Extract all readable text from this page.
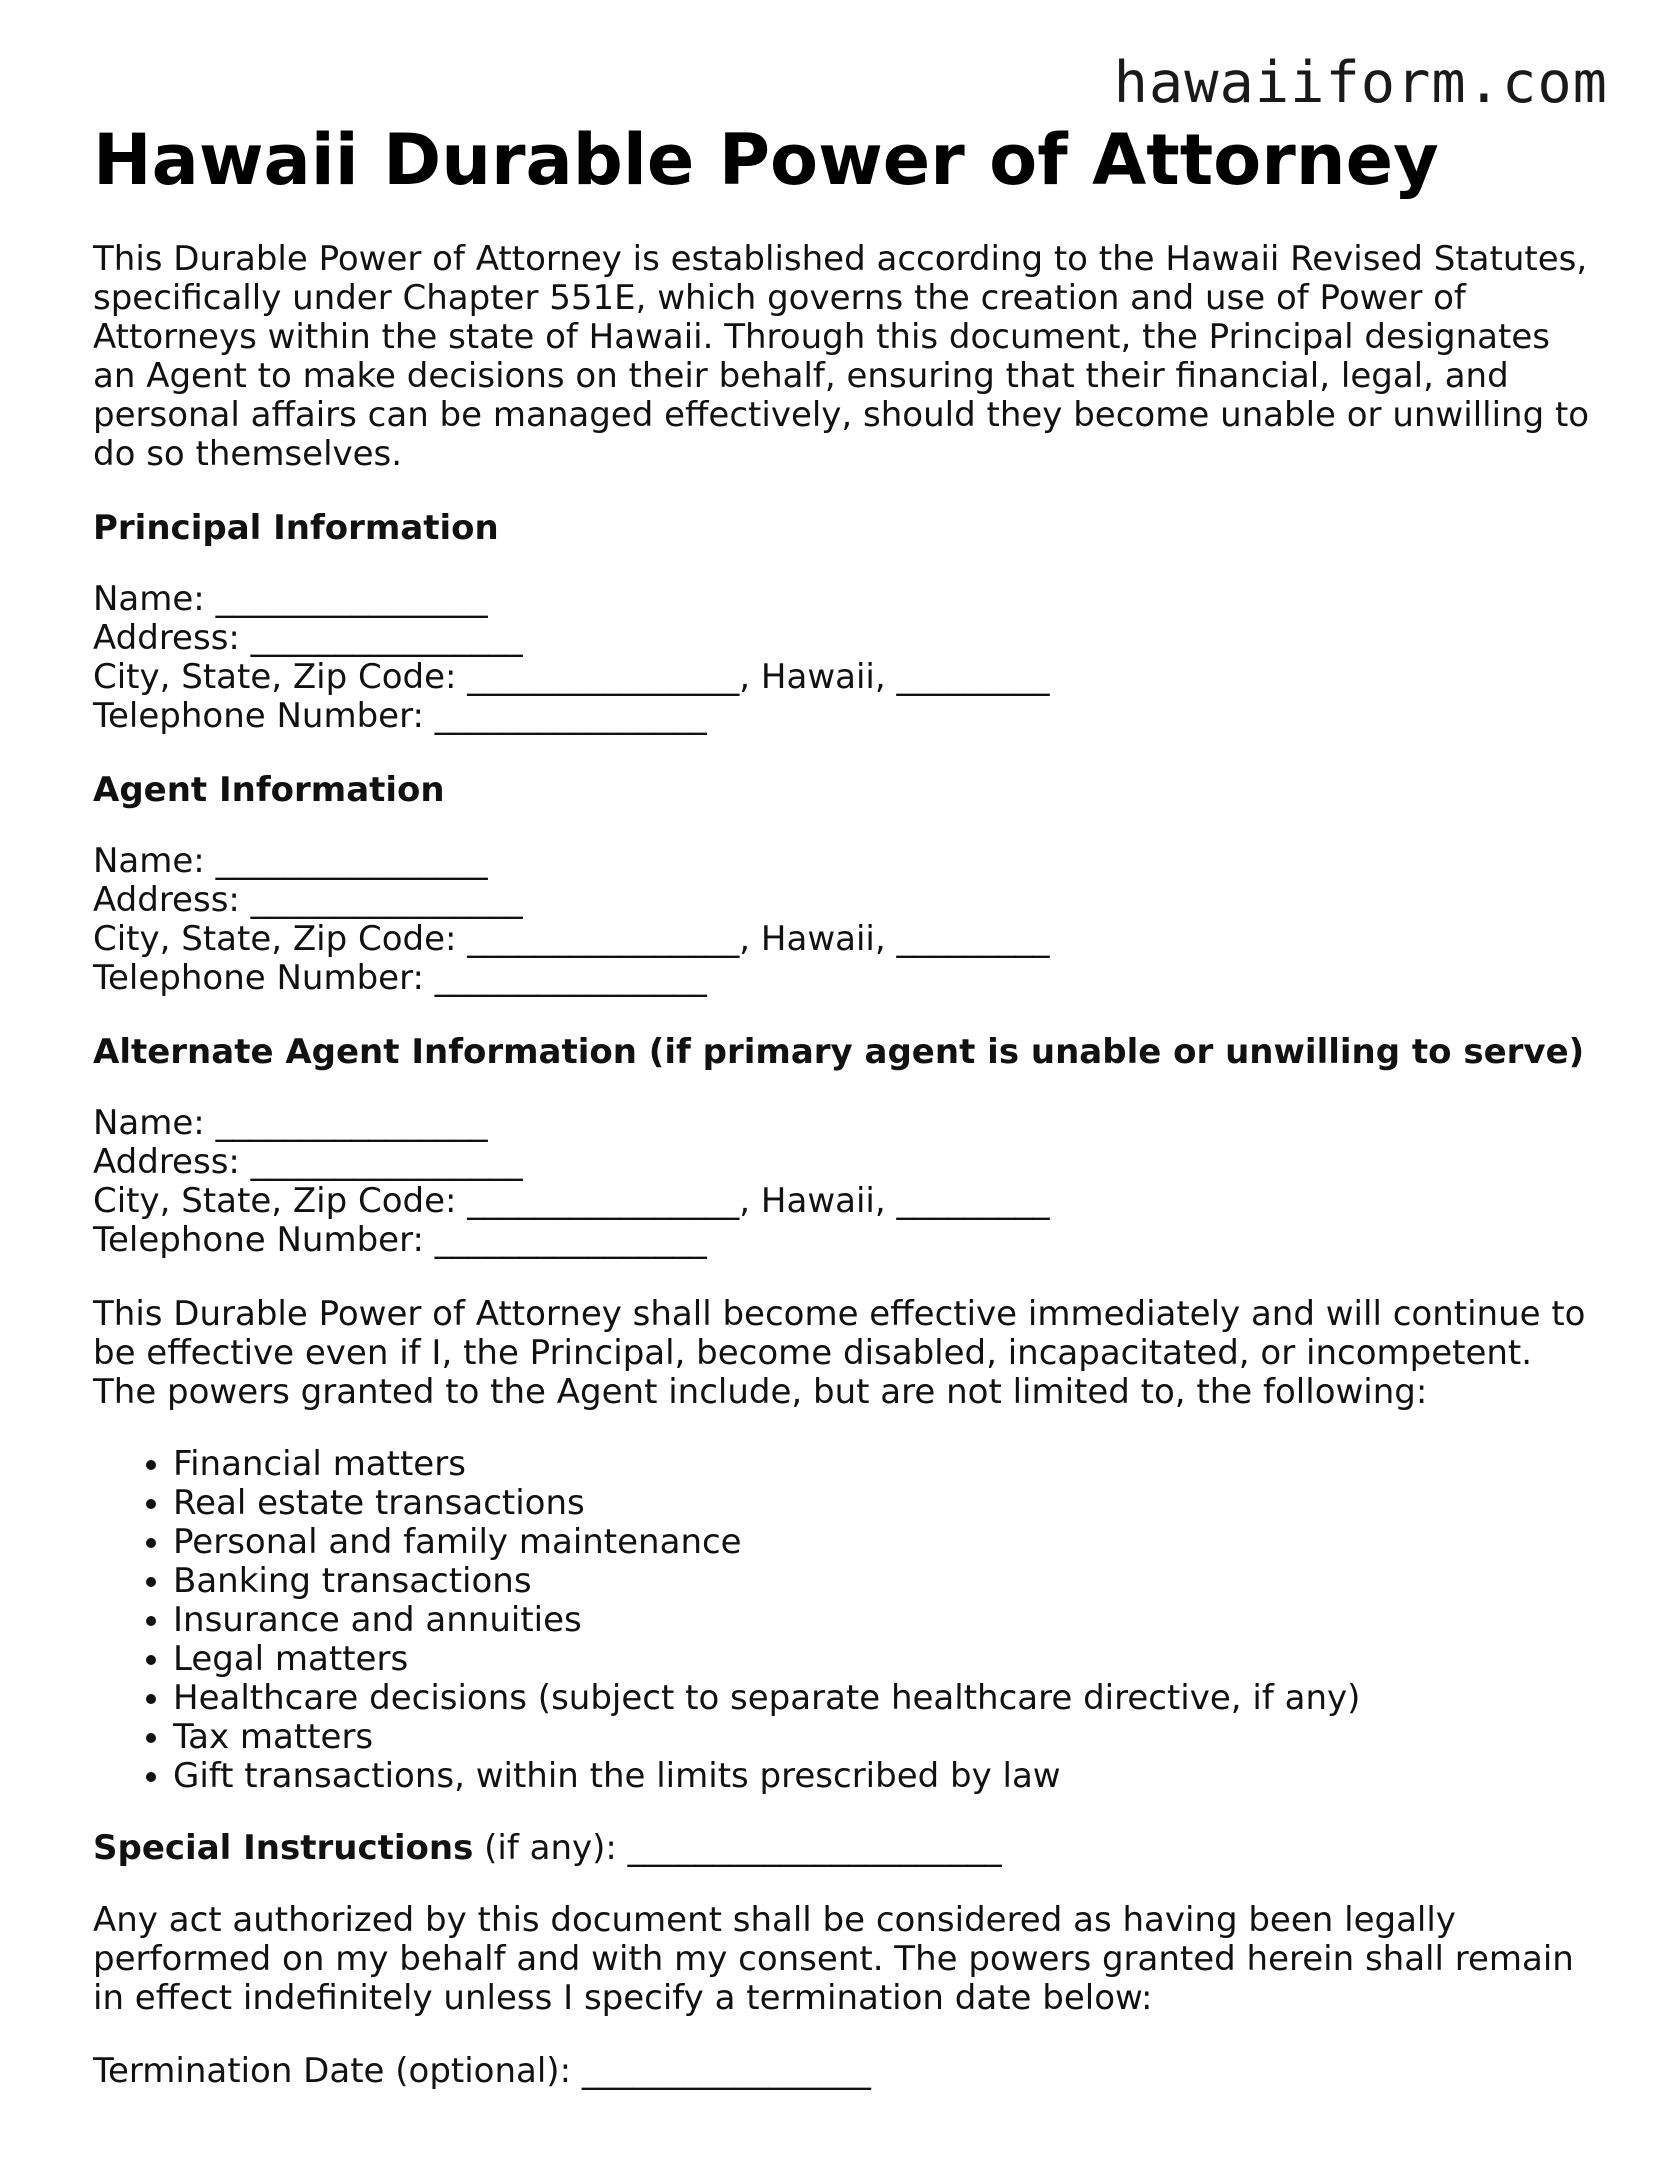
hawaiiform.com
Hawaii Durable Power of Attorney

This Durable Power of Attorney is established according to the Hawaii Revised Statutes, specifically under Chapter 551E, which governs the creation and use of Power of Attorneys within the state of Hawaii. Through this document, the Principal designates an Agent to make decisions on their behalf, ensuring that their financial, legal, and personal affairs can be managed effectively, should they become unable or unwilling to do so themselves.

Principal Information
Name: ________________
Address: ________________
City, State, Zip Code: ________________, Hawaii, _________
Telephone Number: ________________
Agent Information
Name: ________________
Address: ________________
City, State, Zip Code: ________________, Hawaii, _________
Telephone Number: ________________
Alternate Agent Information (if primary agent is unable or unwilling to serve)
Name: ________________
Address: ________________
City, State, Zip Code: ________________, Hawaii, _________
Telephone Number: ________________

This Durable Power of Attorney shall become effective immediately and will continue to be effective even if I, the Principal, become disabled, incapacitated, or incompetent. The powers granted to the Agent include, but are not limited to, the following:

• Financial matters
• Real estate transactions
• Personal and family maintenance
• Banking transactions
• Insurance and annuities
• Legal matters
• Healthcare decisions (subject to separate healthcare directive, if any)
• Tax matters
• Gift transactions, within the limits prescribed by law
Special Instructions (if any): ______________________

Any act authorized by this document shall be considered as having been legally performed on my behalf and with my consent. The powers granted herein shall remain in effect indefinitely unless I specify a termination date below:

Termination Date (optional): _________________
